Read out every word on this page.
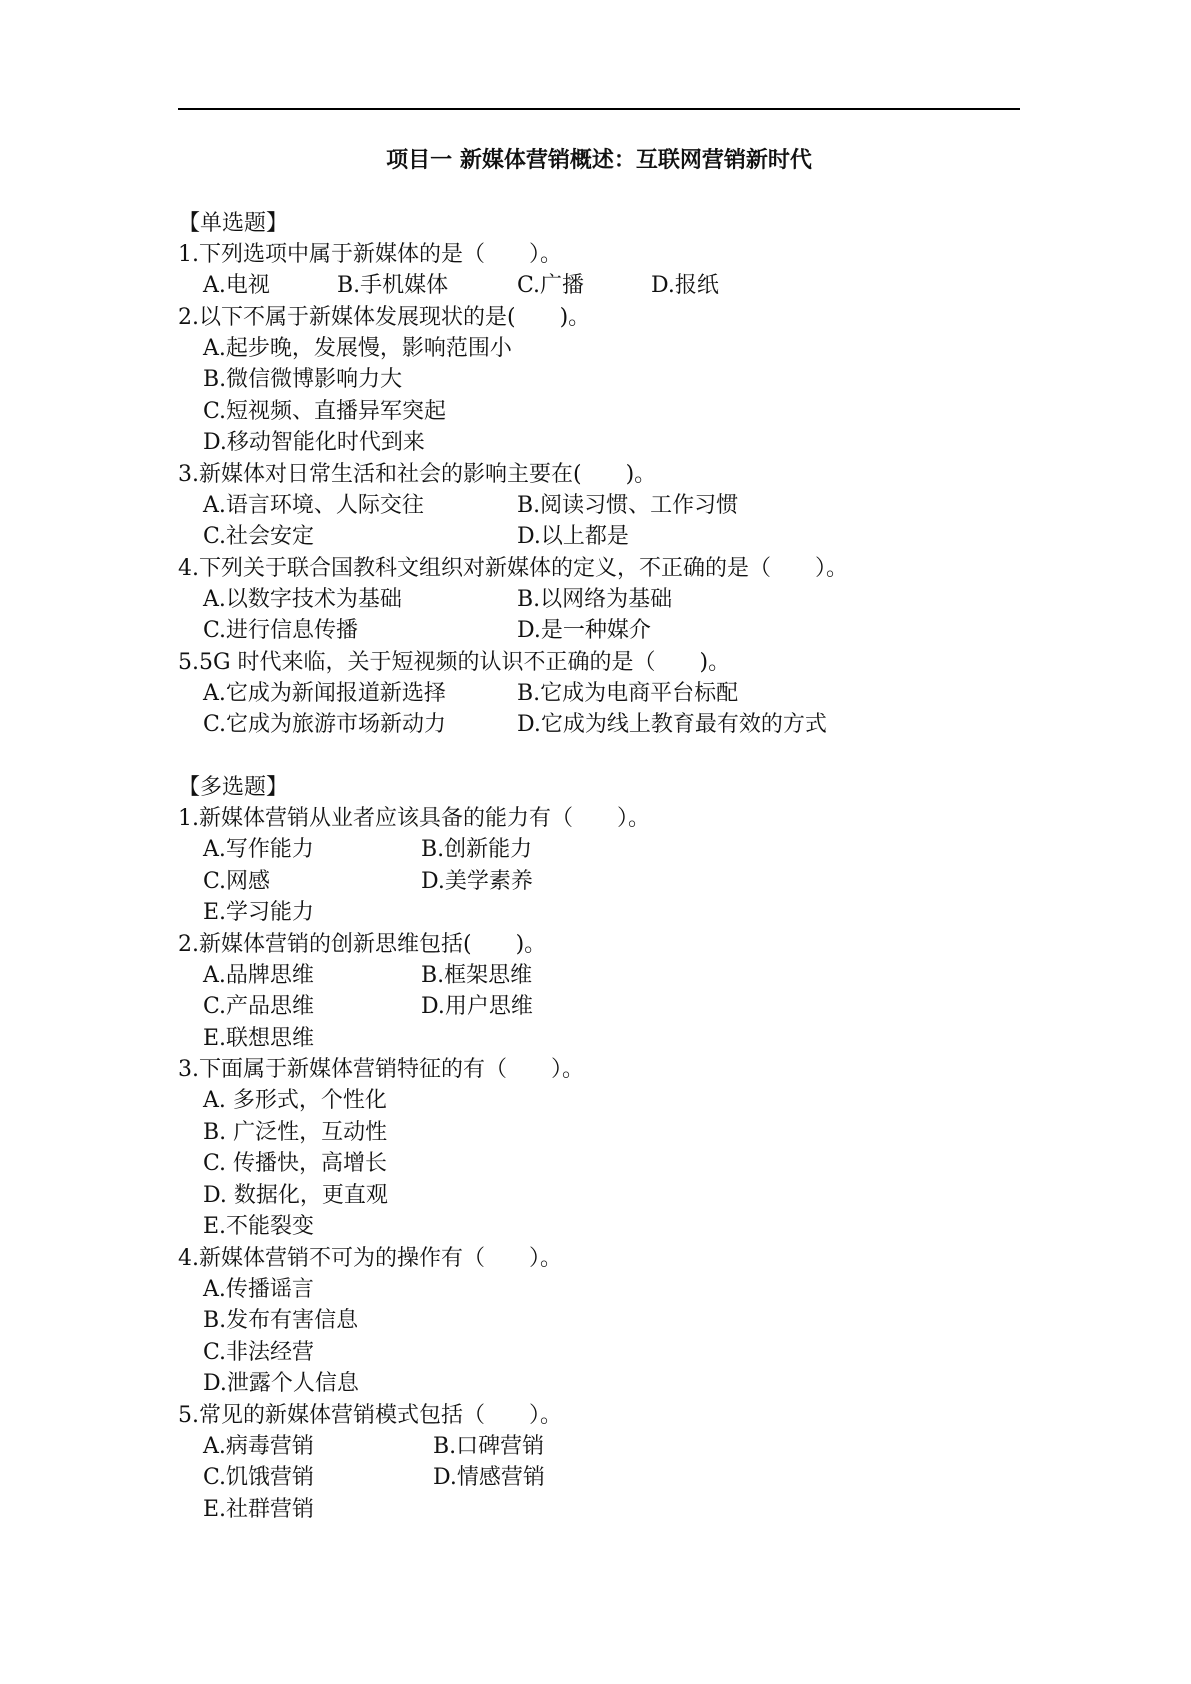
项目一 新媒体营销概述：互联网营销新时代
【单选题】
1.下列选项中属于新媒体的是（　　）。
A.电视	B.手机媒体	C.广播	D.报纸
2.以下不属于新媒体发展现状的是(　　)。
A.起步晚，发展慢，影响范围小
B.微信微博影响力大
C.短视频、直播异军突起
D.移动智能化时代到来
3.新媒体对日常生活和社会的影响主要在(　　)。
A.语言环境、人际交往	B.阅读习惯、工作习惯
C.社会安定	D.以上都是
4.下列关于联合国教科文组织对新媒体的定义，不正确的是（　　）。
A.以数字技术为基础	B.以网络为基础
C.进行信息传播	D.是一种媒介
5.5G 时代来临，关于短视频的认识不正确的是（　　)。
A.它成为新闻报道新选择	B.它成为电商平台标配
C.它成为旅游市场新动力	D.它成为线上教育最有效的方式
【多选题】
1.新媒体营销从业者应该具备的能力有（　　）。
A.写作能力	B.创新能力
C.网感	D.美学素养
E.学习能力
2.新媒体营销的创新思维包括(　　)。
A.品牌思维	B.框架思维
C.产品思维	D.用户思维
E.联想思维
3.下面属于新媒体营销特征的有（　　）。
A. 多形式，个性化
B. 广泛性，互动性
C. 传播快，高增长
D. 数据化，更直观
E.不能裂变
4.新媒体营销不可为的操作有（　　）。
A.传播谣言
B.发布有害信息
C.非法经营
D.泄露个人信息
5.常见的新媒体营销模式包括（　　）。
A.病毒营销	B.口碑营销
C.饥饿营销	D.情感营销
E.社群营销
